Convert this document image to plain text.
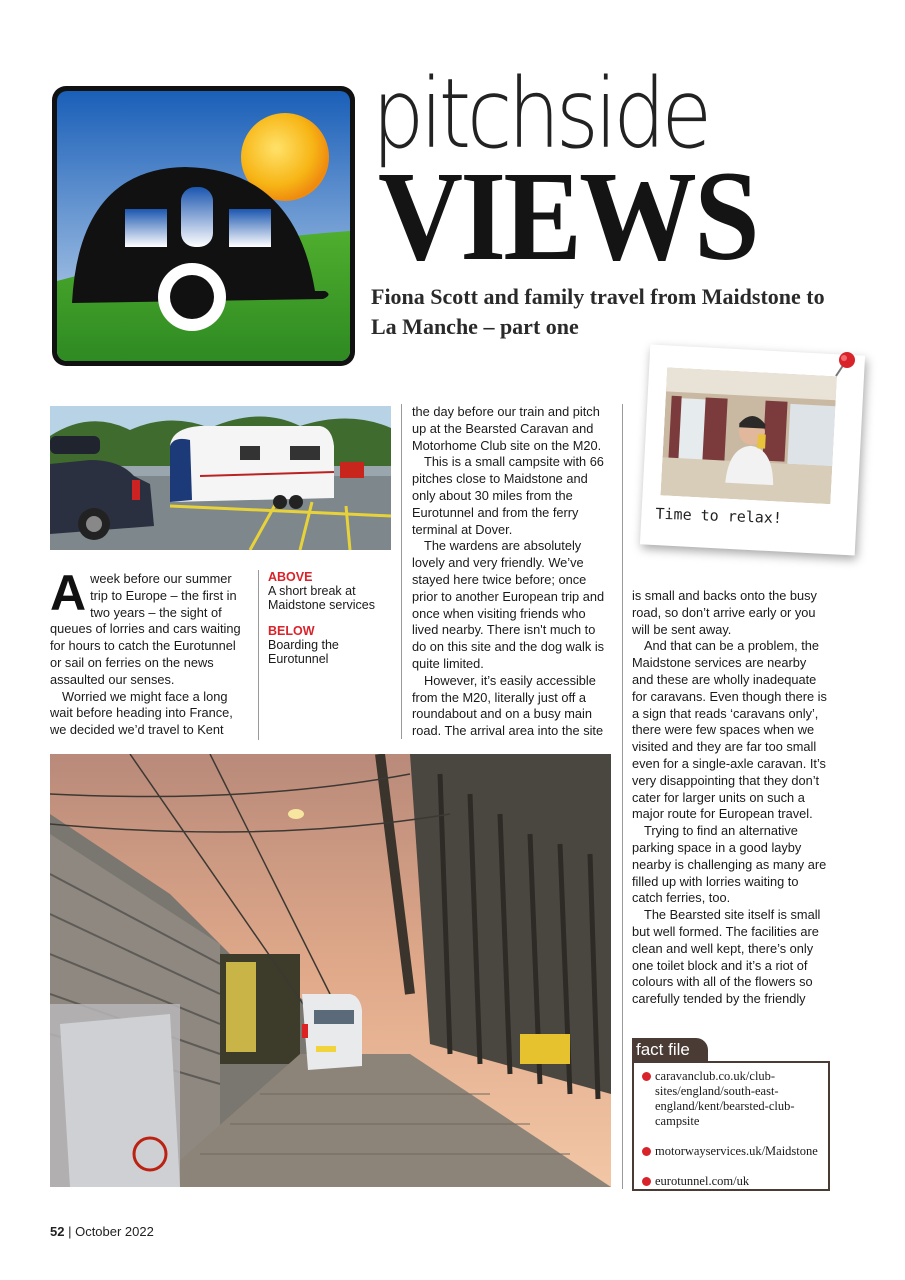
pitchside
VIEWS
Fiona Scott and family travel from Maidstone to La Manche – part one
Time to relax!
ABOVE
A short break at Maidstone services
BELOW
Boarding the Eurotunnel

Aweek before our summer trip to Europe – the first in two years – the sight of queues of lorries and cars waiting for hours to catch the Eurotunnel or sail on ferries on the news assaulted our senses.

Worried we might face a long wait before heading into France, we decided we’d travel to Kent

the day before our train and pitch up at the Bearsted Caravan and Motorhome Club site on the M20.

This is a small campsite with 66 pitches close to Maidstone and only about 30 miles from the Eurotunnel and from the ferry terminal at Dover.

The wardens are absolutely lovely and very friendly. We’ve stayed here twice before; once prior to another European trip and once when visiting friends who lived nearby. There isn't much to do on this site and the dog walk is quite limited.

However, it’s easily accessible from the M20, literally just off a roundabout and on a busy main road. The arrival area into the site

is small and backs onto the busy road, so don’t arrive early or you will be sent away.

And that can be a problem, the Maidstone services are nearby and these are wholly inadequate for caravans. Even though there is a sign that reads ‘caravans only’, there were few spaces when we visited and they are far too small even for a single-axle caravan. It’s very disappointing that they don’t cater for larger units on such a major route for European travel.

Trying to find an alternative parking space in a good layby nearby is challenging as many are filled up with lorries waiting to catch ferries, too.

The Bearsted site itself is small but well formed. The facilities are clean and well kept, there’s only one toilet block and it’s a riot of colours with all of the flowers so carefully tended by the friendly

fact file
caravanclub.co.uk/club-sites/england/south-east-england/kent/bearsted-club-campsite
motorwayservices.uk/Maidstone
eurotunnel.com/uk
52 | October 2022
